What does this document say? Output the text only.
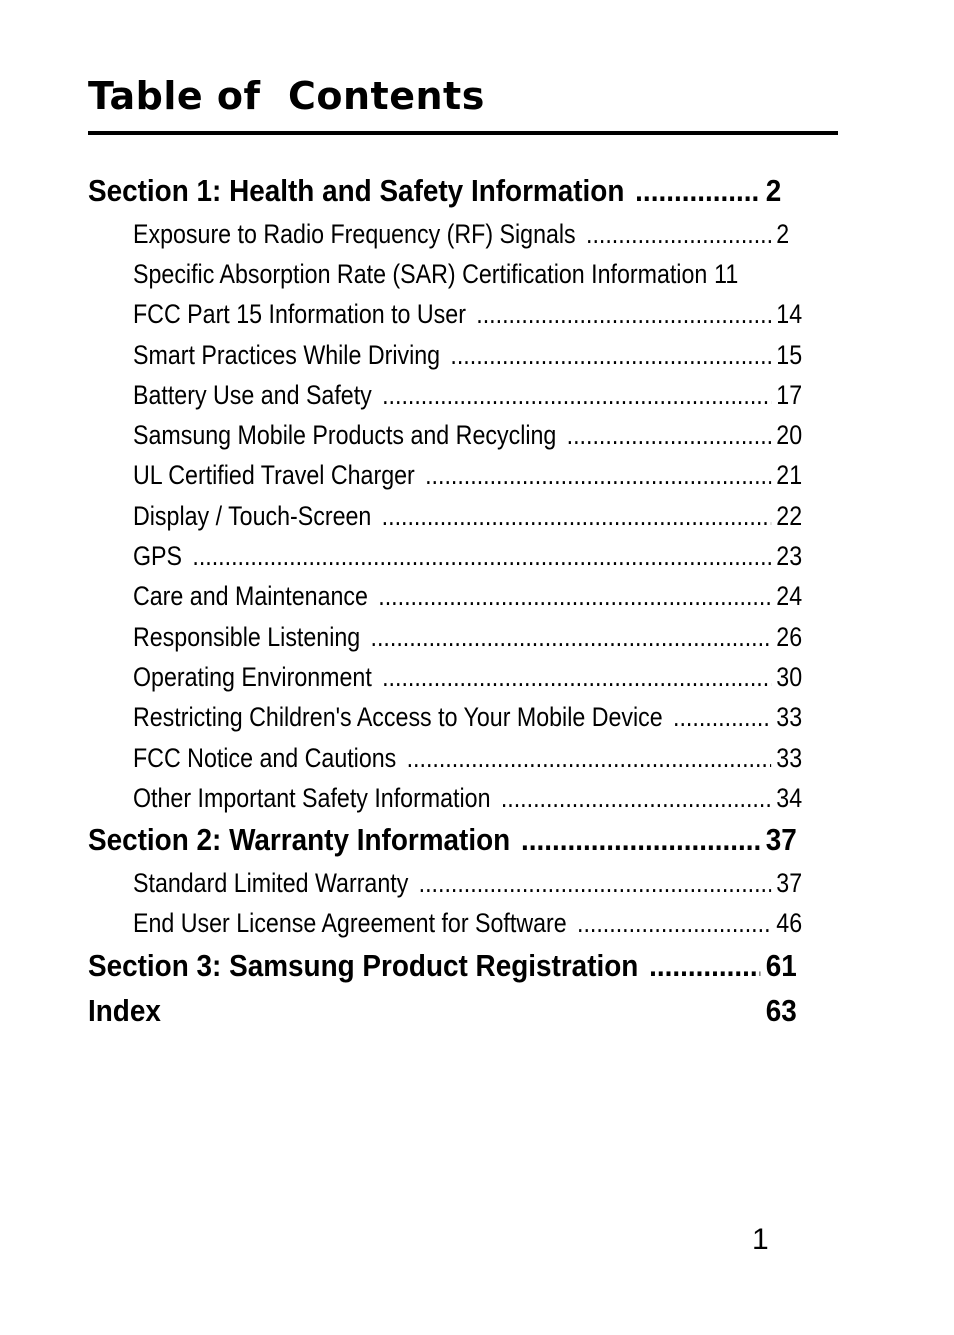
Table of  Contents
Section 1: Health and Safety Information .....	2
Exposure to Radio Frequency (RF) Signals .....	2
Specific Absorption Rate (SAR) Certification Information 11
FCC Part 15 Information to User .....	14
Smart Practices While Driving .....	15
Battery Use and Safety .....	17
Samsung Mobile Products and Recycling .....	20
UL Certified Travel Charger .....	21
Display / Touch-Screen .....	22
GPS .....	23
Care and Maintenance .....	24
Responsible Listening .....	26
Operating Environment .....	30
Restricting Children's Access to Your Mobile Device .....	33
FCC Notice and Cautions .....	33
Other Important Safety Information .....	34
Section 2: Warranty Information .....	37
Standard Limited Warranty .....	37
End User License Agreement for Software .....	46
Section 3: Samsung Product Registration .....	61
Index	63
1
